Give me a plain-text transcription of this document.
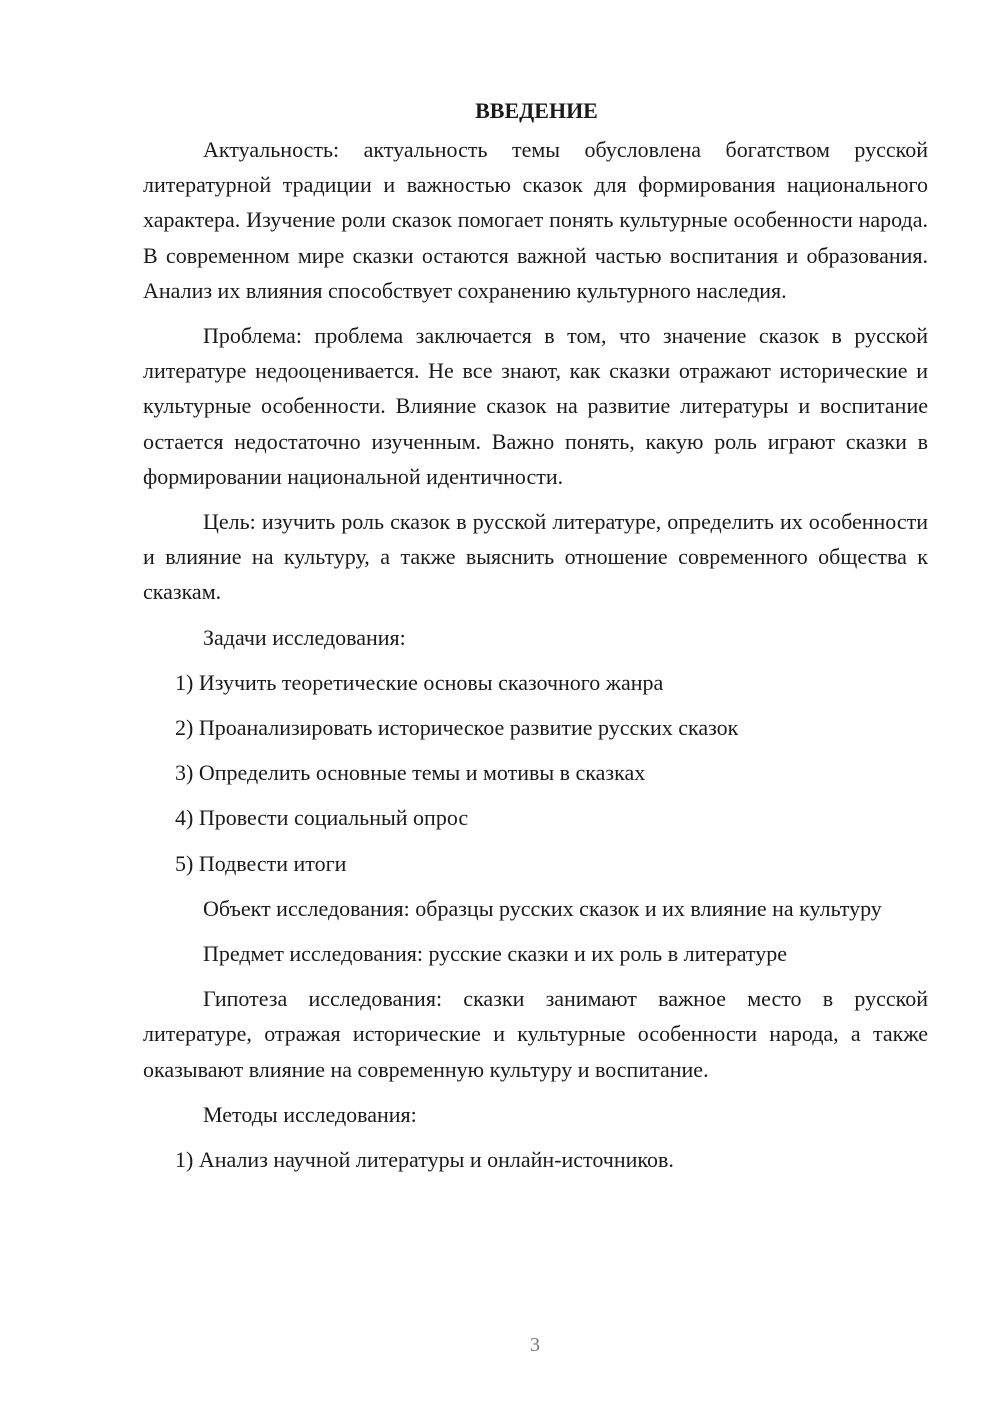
ВВЕДЕНИЕ

Актуальность: актуальность темы обусловлена богатством русской литературной традиции и важностью сказок для формирования национального характера. Изучение роли сказок помогает понять культурные особенности народа. В современном мире сказки остаются важной частью воспитания и образования. Анализ их влияния способствует сохранению культурного наследия.

Проблема: проблема заключается в том, что значение сказок в русской литературе недооценивается. Не все знают, как сказки отражают исторические и культурные особенности. Влияние сказок на развитие литературы и воспитание остается недостаточно изученным. Важно понять, какую роль играют сказки в формировании национальной идентичности.

Цель: изучить роль сказок в русской литературе, определить их особенности и влияние на культуру, а также выяснить отношение современного общества к сказкам.

Задачи исследования:
1) Изучить теоретические основы сказочного жанра
2) Проанализировать историческое развитие русских сказок
3) Определить основные темы и мотивы в сказках
4) Провести социальный опрос
5) Подвести итоги

Объект исследования: образцы русских сказок и их влияние на культуру

Предмет исследования: русские сказки и их роль в литературе

Гипотеза исследования: сказки занимают важное место в русской литературе, отражая исторические и культурные особенности народа, а также оказывают влияние на современную культуру и воспитание.

Методы исследования:
1) Анализ научной литературы и онлайн-источников.
3
